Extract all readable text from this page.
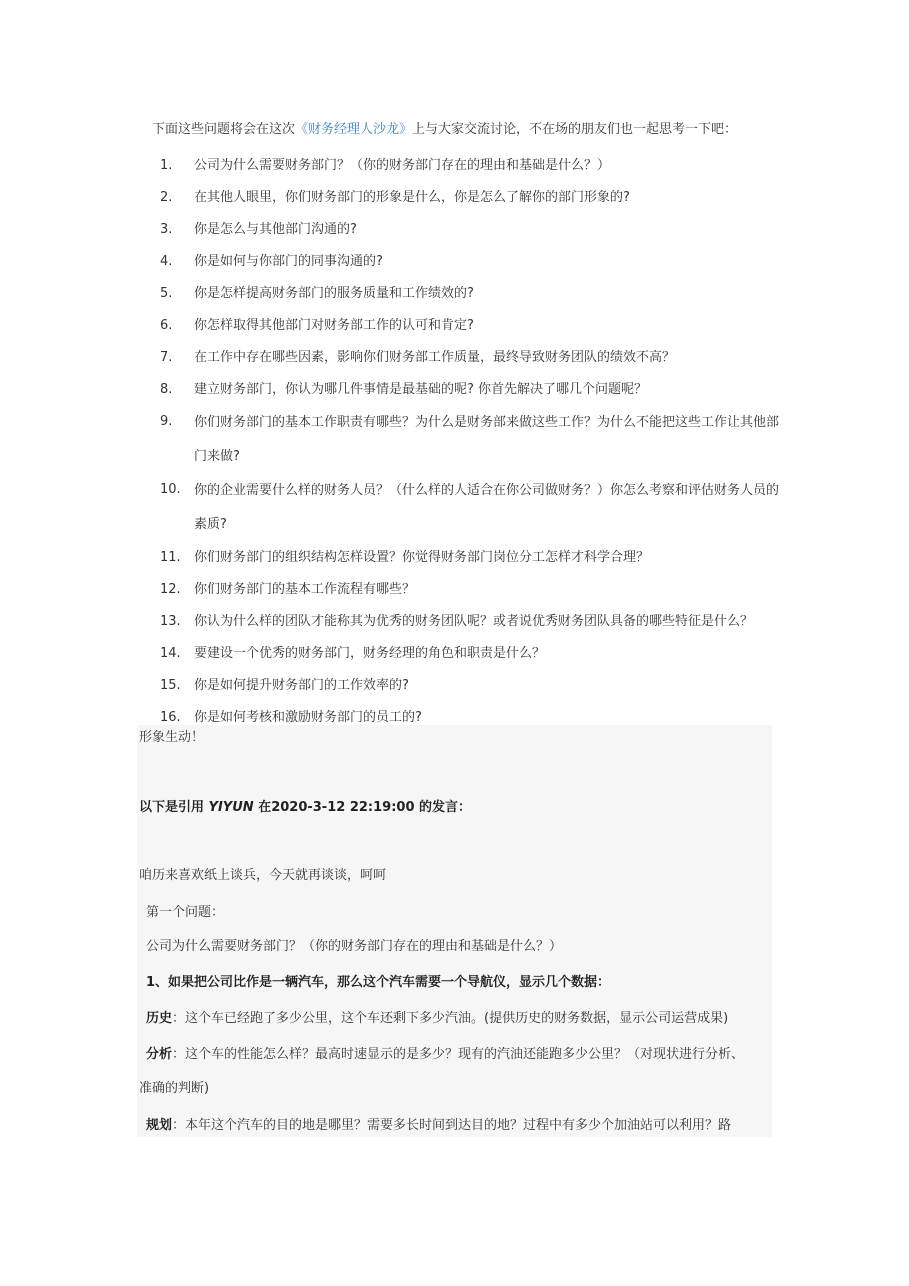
下面这些问题将会在这次《财务经理人沙龙》上与大家交流讨论，不在场的朋友们也一起思考一下吧：
1.	公司为什么需要财务部门？（你的财务部门存在的理由和基础是什么？）
2.	在其他人眼里，你们财务部门的形象是什么，你是怎么了解你的部门形象的?
3.	你是怎么与其他部门沟通的?
4.	你是如何与你部门的同事沟通的?
5.	你是怎样提高财务部门的服务质量和工作绩效的?
6.	你怎样取得其他部门对财务部工作的认可和肯定?
7.	在工作中存在哪些因素，影响你们财务部工作质量，最终导致财务团队的绩效不高？
8.	建立财务部门，你认为哪几件事情是最基础的呢? 你首先解决了哪几个问题呢？
9.	你们财务部门的基本工作职责有哪些？为什么是财务部来做这些工作？为什么不能把这些工作让其他部门来做?
10.	你的企业需要什么样的财务人员？（什么样的人适合在你公司做财务？）你怎么考察和评估财务人员的素质?
11.	你们财务部门的组织结构怎样设置？你觉得财务部门岗位分工怎样才科学合理？
12.	你们财务部门的基本工作流程有哪些？
13.	你认为什么样的团队才能称其为优秀的财务团队呢？或者说优秀财务团队具备的哪些特征是什么？
14.	要建设一个优秀的财务部门，财务经理的角色和职责是什么？
15.	你是如何提升财务部门的工作效率的?
16.	你是如何考核和激励财务部门的员工的?
形象生动！
以下是引用 YIYUN 在2020-3-12 22:19:00 的发言：
咱历来喜欢纸上谈兵，今天就再谈谈，呵呵
第一个问题：
公司为什么需要财务部门？（你的财务部门存在的理由和基础是什么？）
1、如果把公司比作是一辆汽车，那么这个汽车需要一个导航仪，显示几个数据：
历史：这个车已经跑了多少公里，这个车还剩下多少汽油。(提供历史的财务数据，显示公司运营成果)
分析：这个车的性能怎么样？最高时速显示的是多少？现有的汽油还能跑多少公里？（对现状进行分析、
准确的判断)
规划：本年这个汽车的目的地是哪里？需要多长时间到达目的地？过程中有多少个加油站可以利用？路
